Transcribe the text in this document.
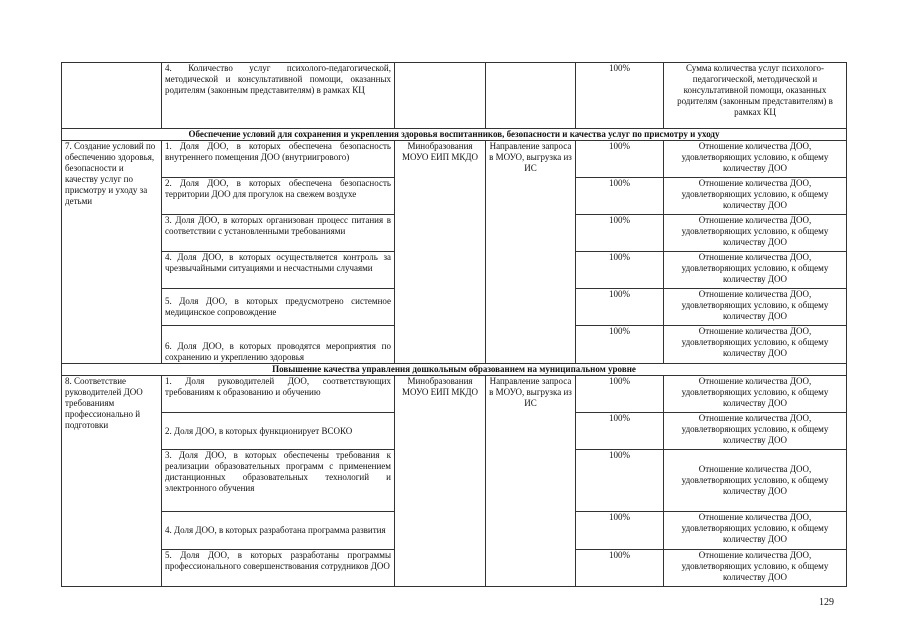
	4. Количество услуг психолого-педагогической, методической и консультативной помощи, оказанных родителям (законным представителям) в рамках КЦ			100%	Сумма количества услуг психолого-педагогической, методической и консультативной помощи, оказанных родителям (законным представителям) в рамках КЦ
Обеспечение условий для сохранения и укрепления здоровья воспитанников, безопасности и качества услуг по присмотру и уходу					
7. Создание условий по обеспечению здоровья, безопасности и качеству услуг по присмотру и уходу за детьми	1. Доля ДОО, в которых обеспечена безопасность внутреннего помещения ДОО (внутриигрового)	Минобразования МОУО ЕИП МКДО	Направление запроса в МОУО, выгрузка из ИС	100%	Отношение количества ДОО, удовлетворяющих условию, к общему количеству ДОО
	2. Доля ДОО, в которых обеспечена безопасность территории ДОО для прогулок на свежем воздухе			100%	Отношение количества ДОО, удовлетворяющих условию, к общему количеству ДОО
	3. Доля ДОО, в которых организован процесс питания в соответствии с установленными требованиями			100%	Отношение количества ДОО, удовлетворяющих условию, к общему количеству ДОО
	4. Доля ДОО, в которых осуществляется контроль за чрезвычайными ситуациями и несчастными случаями			100%	Отношение количества ДОО, удовлетворяющих условию, к общему количеству ДОО
	5. Доля ДОО, в которых предусмотрено системное медицинское сопровождение			100%	Отношение количества ДОО, удовлетворяющих условию, к общему количеству ДОО
	6. Доля ДОО, в которых проводятся мероприятия по сохранению и укреплению здоровья			100%	Отношение количества ДОО, удовлетворяющих условию, к общему количеству ДОО
Повышение качества управления дошкольным образованием на муниципальном уровне					
8. Соответствие руководителей ДОО требованиям профессионально й подготовки	1. Доля руководителей ДОО, соответствующих требованиям к образованию и обучению	Минобразования МОУО ЕИП МКДО	Направление запроса в МОУО, выгрузка из ИС	100%	Отношение количества ДОО, удовлетворяющих условию, к общему количеству ДОО
	2. Доля ДОО, в которых функционирует ВСОКО			100%	Отношение количества ДОО, удовлетворяющих условию, к общему количеству ДОО
	3. Доля ДОО, в которых обеспечены требования к реализации образовательных программ с применением дистанционных образовательных технологий и электронного обучения			100%	Отношение количества ДОО, удовлетворяющих условию, к общему количеству ДОО
	4. Доля ДОО, в которых разработана программа развития			100%	Отношение количества ДОО, удовлетворяющих условию, к общему количеству ДОО
	5. Доля ДОО, в которых разработаны программы профессионального совершенствования сотрудников ДОО			100%	Отношение количества ДОО, удовлетворяющих условию, к общему количеству ДОО
129
